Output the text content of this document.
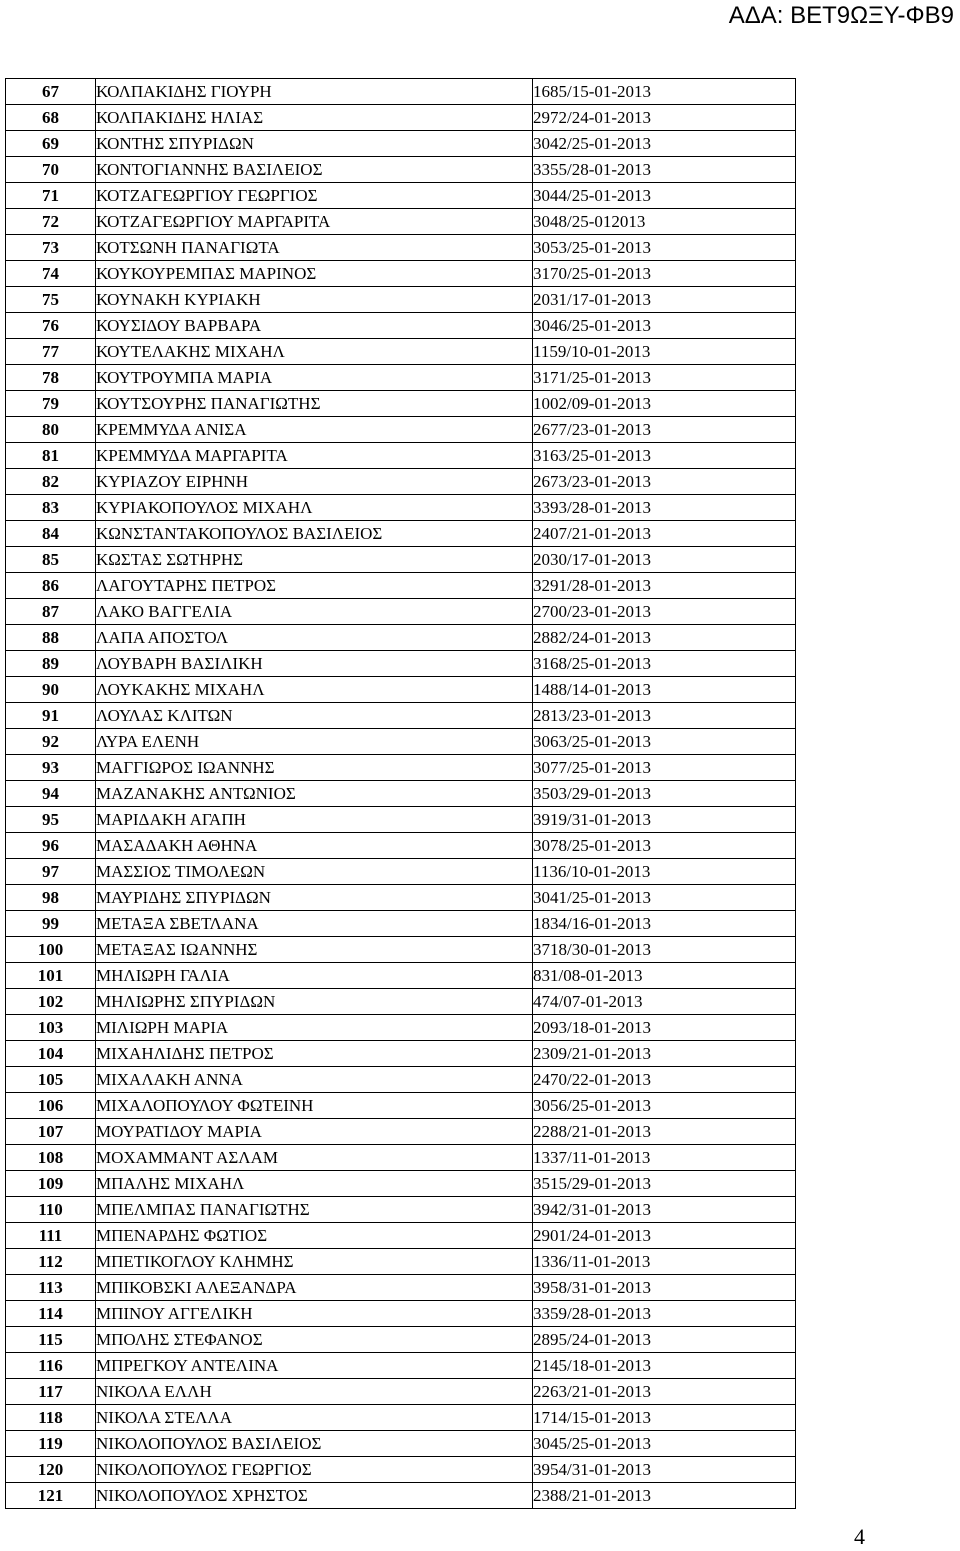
ΑΔΑ: ΒΕΤ9ΩΞΥ-ΦΒ9
67	ΚΟΛΠΑΚΙΔΗΣ ΓΙΟΥΡΗ	1685/15-01-2013
68	ΚΟΛΠΑΚΙΔΗΣ ΗΛΙΑΣ	2972/24-01-2013
69	ΚΟΝΤΗΣ ΣΠΥΡΙΔΩΝ	3042/25-01-2013
70	ΚΟΝΤΟΓΙΑΝΝΗΣ ΒΑΣΙΛΕΙΟΣ	3355/28-01-2013
71	ΚΟΤΖΑΓΕΩΡΓΙΟΥ ΓΕΩΡΓΙΟΣ	3044/25-01-2013
72	ΚΟΤΖΑΓΕΩΡΓΙΟΥ ΜΑΡΓΑΡΙΤΑ	3048/25-012013
73	ΚΟΤΣΩΝΗ ΠΑΝΑΓΙΩΤΑ	3053/25-01-2013
74	ΚΟΥΚΟΥΡΕΜΠΑΣ ΜΑΡΙΝΟΣ	3170/25-01-2013
75	ΚΟΥΝΑΚΗ ΚΥΡΙΑΚΗ	2031/17-01-2013
76	ΚΟΥΣΙΔΟΥ ΒΑΡΒΑΡΑ	3046/25-01-2013
77	ΚΟΥΤΕΛΑΚΗΣ ΜΙΧΑΗΛ	1159/10-01-2013
78	ΚΟΥΤΡΟΥΜΠΑ ΜΑΡΙΑ	3171/25-01-2013
79	ΚΟΥΤΣΟΥΡΗΣ ΠΑΝΑΓΙΩΤΗΣ	1002/09-01-2013
80	ΚΡΕΜΜΥΔΑ ΑΝΙΣΑ	2677/23-01-2013
81	ΚΡΕΜΜΥΔΑ ΜΑΡΓΑΡΙΤΑ	3163/25-01-2013
82	ΚΥΡΙΑΖΟΥ ΕΙΡΗΝΗ	2673/23-01-2013
83	ΚΥΡΙΑΚΟΠΟΥΛΟΣ ΜΙΧΑΗΛ	3393/28-01-2013
84	ΚΩΝΣΤΑΝΤΑΚΟΠΟΥΛΟΣ ΒΑΣΙΛΕΙΟΣ	2407/21-01-2013
85	ΚΩΣΤΑΣ ΣΩΤΗΡΗΣ	2030/17-01-2013
86	ΛΑΓΟΥΤΑΡΗΣ ΠΕΤΡΟΣ	3291/28-01-2013
87	ΛΑΚΟ ΒΑΓΓΕΛΙΑ	2700/23-01-2013
88	ΛΑΠΑ ΑΠΟΣΤΟΛ	2882/24-01-2013
89	ΛΟΥΒΑΡΗ ΒΑΣΙΛΙΚΗ	3168/25-01-2013
90	ΛΟΥΚΑΚΗΣ ΜΙΧΑΗΛ	1488/14-01-2013
91	ΛΟΥΛΑΣ ΚΛΙΤΩΝ	2813/23-01-2013
92	ΛΥΡΑ ΕΛΕΝΗ	3063/25-01-2013
93	ΜΑΓΓΙΩΡΟΣ ΙΩΑΝΝΗΣ	3077/25-01-2013
94	ΜΑΖΑΝΑΚΗΣ ΑΝΤΩΝΙΟΣ	3503/29-01-2013
95	ΜΑΡΙΔΑΚΗ ΑΓΑΠΗ	3919/31-01-2013
96	ΜΑΣΑΔΑΚΗ ΑΘΗΝΑ	3078/25-01-2013
97	ΜΑΣΣΙΟΣ ΤΙΜΟΛΕΩΝ	1136/10-01-2013
98	ΜΑΥΡΙΔΗΣ ΣΠΥΡΙΔΩΝ	3041/25-01-2013
99	ΜΕΤΑΞΑ ΣΒΕΤΛΑΝΑ	1834/16-01-2013
100	ΜΕΤΑΞΑΣ ΙΩΑΝΝΗΣ	3718/30-01-2013
101	ΜΗΛΙΩΡΗ ΓΑΛΙΑ	831/08-01-2013
102	ΜΗΛΙΩΡΗΣ ΣΠΥΡΙΔΩΝ	474/07-01-2013
103	ΜΙΛΙΩΡΗ ΜΑΡΙΑ	2093/18-01-2013
104	ΜΙΧΑΗΛΙΔΗΣ ΠΕΤΡΟΣ	2309/21-01-2013
105	ΜΙΧΑΛΑΚΗ ΑΝΝΑ	2470/22-01-2013
106	ΜΙΧΑΛΟΠΟΥΛΟΥ ΦΩΤΕΙΝΗ	3056/25-01-2013
107	ΜΟΥΡΑΤΙΔΟΥ ΜΑΡΙΑ	2288/21-01-2013
108	ΜΟΧΑΜΜΑΝΤ ΑΣΛΑΜ	1337/11-01-2013
109	ΜΠΑΛΗΣ ΜΙΧΑΗΛ	3515/29-01-2013
110	ΜΠΕΛΜΠΑΣ ΠΑΝΑΓΙΩΤΗΣ	3942/31-01-2013
111	ΜΠΕΝΑΡΔΗΣ ΦΩΤΙΟΣ	2901/24-01-2013
112	ΜΠΕΤΙΚΟΓΛΟΥ ΚΛΗΜΗΣ	1336/11-01-2013
113	ΜΠΙΚΟΒΣΚΙ ΑΛΕΞΑΝΔΡΑ	3958/31-01-2013
114	ΜΠΙΝΟΥ ΑΓΓΕΛΙΚΗ	3359/28-01-2013
115	ΜΠΟΛΗΣ ΣΤΕΦΑΝΟΣ	2895/24-01-2013
116	ΜΠΡΕΓΚΟΥ ΑΝΤΕΛΙΝΑ	2145/18-01-2013
117	ΝΙΚΟΛΑ ΕΛΛΗ	2263/21-01-2013
118	ΝΙΚΟΛΑ ΣΤΕΛΛΑ	1714/15-01-2013
119	ΝΙΚΟΛΟΠΟΥΛΟΣ ΒΑΣΙΛΕΙΟΣ	3045/25-01-2013
120	ΝΙΚΟΛΟΠΟΥΛΟΣ ΓΕΩΡΓΙΟΣ	3954/31-01-2013
121	ΝΙΚΟΛΟΠΟΥΛΟΣ ΧΡΗΣΤΟΣ	2388/21-01-2013
4
